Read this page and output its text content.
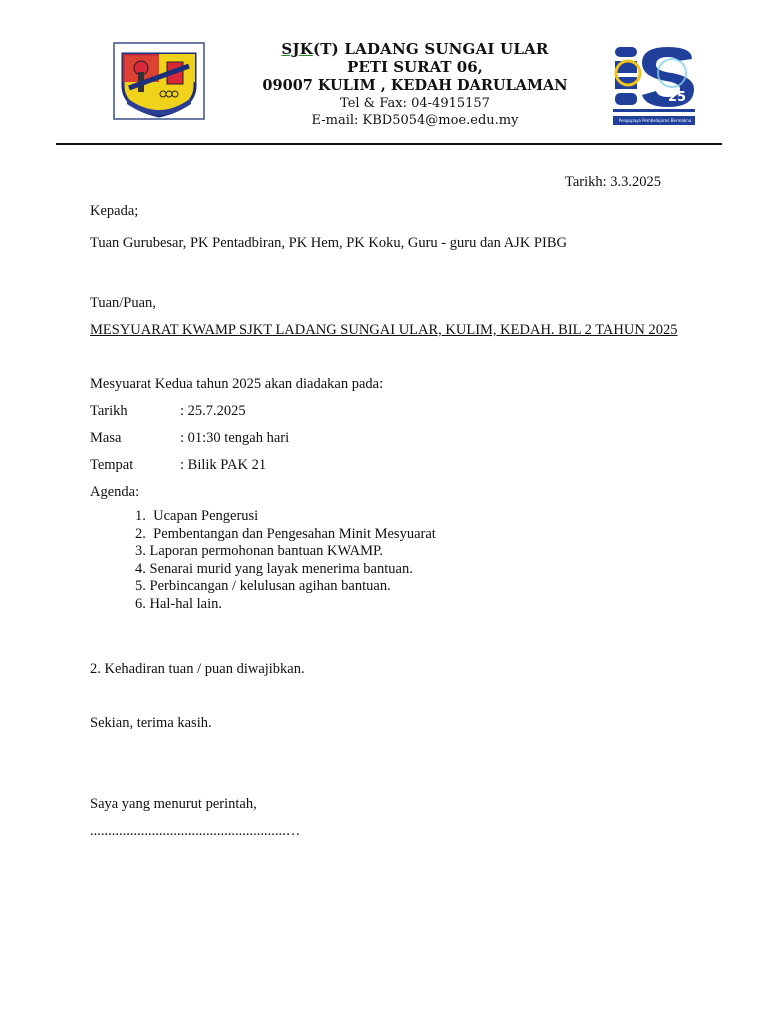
SJK(T) LADANG SUNGAI ULAR
PETI SURAT 06,
09007 KULIM , KEDAH DARULAMAN
Tel & Fax: 04-4915157
E-mail: KBD5054@moe.edu.my
25
Pengupaya Pembelajaran Bermakna
Tarikh: 3.3.2025
Kepada;
Tuan Gurubesar, PK Pentadbiran, PK Hem, PK Koku, Guru - guru dan AJK PIBG
Tuan/Puan,
MESYUARAT KWAMP SJKT LADANG SUNGAI ULAR, KULIM, KEDAH. BIL 2 TAHUN 2025
Mesyuarat Kedua tahun 2025 akan diadakan pada:
Tarikh	: 25.7.2025
Masa	: 01:30 tengah hari
Tempat	: Bilik PAK 21
Agenda:
1.  Ucapan Pengerusi
2.  Pembentangan dan Pengesahan Minit Mesyuarat
3. Laporan permohonan bantuan KWAMP.
4. Senarai murid yang layak menerima bantuan.
5. Perbincangan / kelulusan agihan bantuan.
6. Hal-hal lain.
2. Kehadiran tuan / puan diwajibkan.
Sekian, terima kasih.
Saya yang menurut perintah,
......................................................…
